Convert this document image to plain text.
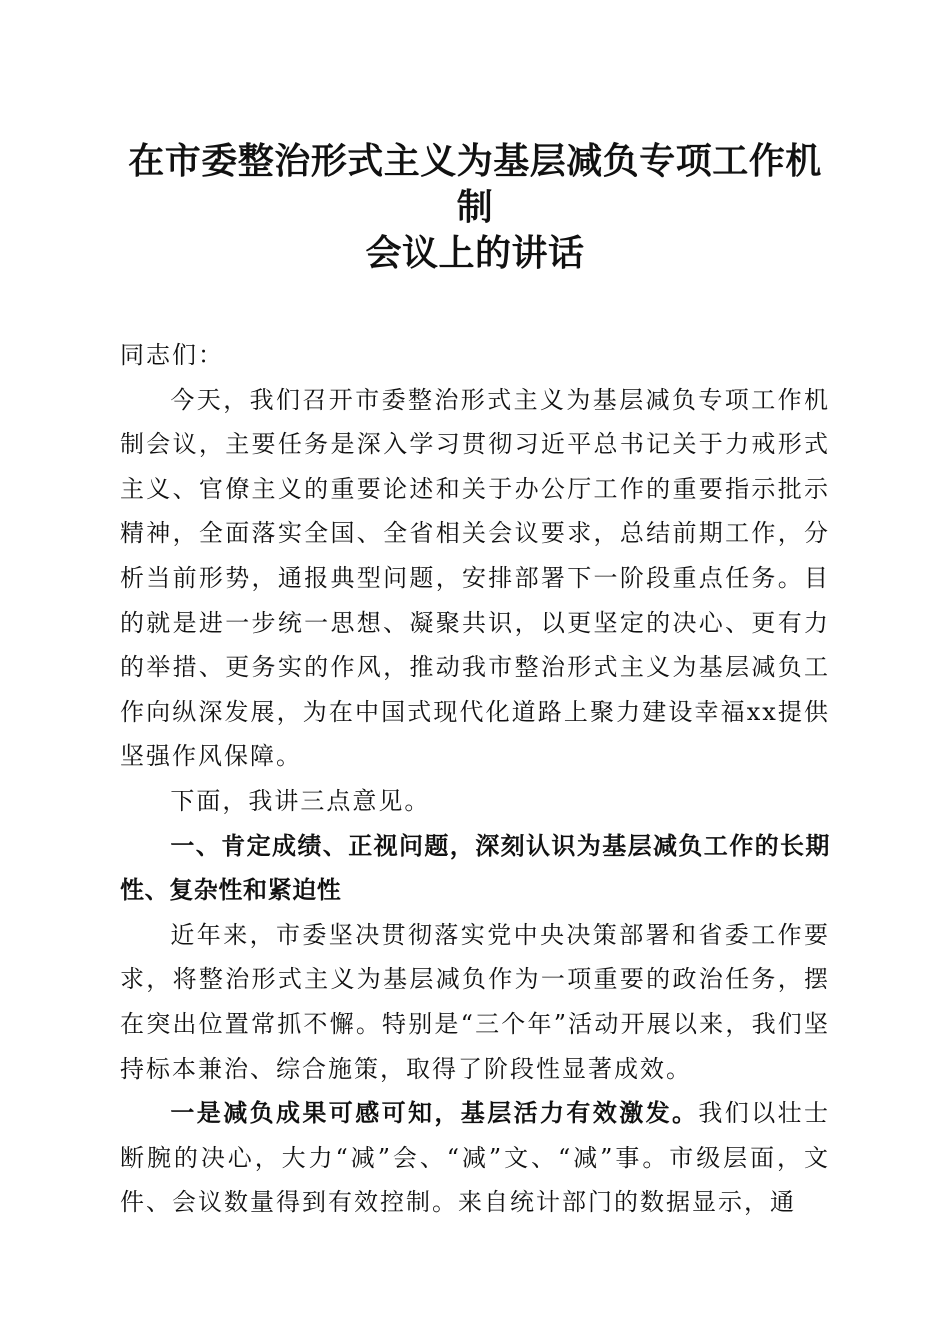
在市委整治形式主义为基层减负专项工作机制
会议上的讲话

同志们：

今天，我们召开市委整治形式主义为基层减负专项工作机制会议，主要任务是深入学习贯彻习近平总书记关于力戒形式主义、官僚主义的重要论述和关于办公厅工作的重要指示批示精神，全面落实全国、全省相关会议要求，总结前期工作，分析当前形势，通报典型问题，安排部署下一阶段重点任务。目的就是进一步统一思想、凝聚共识，以更坚定的决心、更有力的举措、更务实的作风，推动我市整治形式主义为基层减负工作向纵深发展，为在中国式现代化道路上聚力建设幸福xx提供坚强作风保障。

下面，我讲三点意见。

一、肯定成绩、正视问题，深刻认识为基层减负工作的长期性、复杂性和紧迫性

近年来，市委坚决贯彻落实党中央决策部署和省委工作要求，将整治形式主义为基层减负作为一项重要的政治任务，摆在突出位置常抓不懈。特别是“三个年”活动开展以来，我们坚持标本兼治、综合施策，取得了阶段性显著成效。

一是减负成果可感可知，基层活力有效激发。我们以壮士断腕的决心，大力“减”会、“减”文、“减”事。市级层面，文件、会议数量得到有效控制。来自统计部门的数据显示，通
